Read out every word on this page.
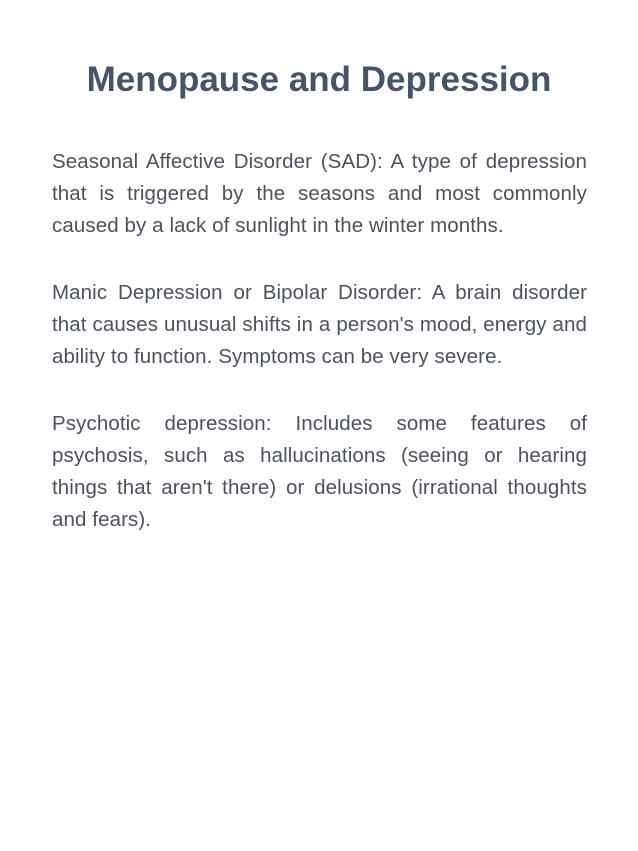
Menopause and Depression

Seasonal Affective Disorder (SAD): A type of depression that is triggered by the seasons and most commonly caused by a lack of sunlight in the winter months.

Manic Depression or Bipolar Disorder: A brain disorder that causes unusual shifts in a person's mood, energy and ability to function. Symptoms can be very severe.

Psychotic depression: Includes some features of psychosis, such as hallucinations (seeing or hearing things that aren't there) or delusions (irrational thoughts and fears).
